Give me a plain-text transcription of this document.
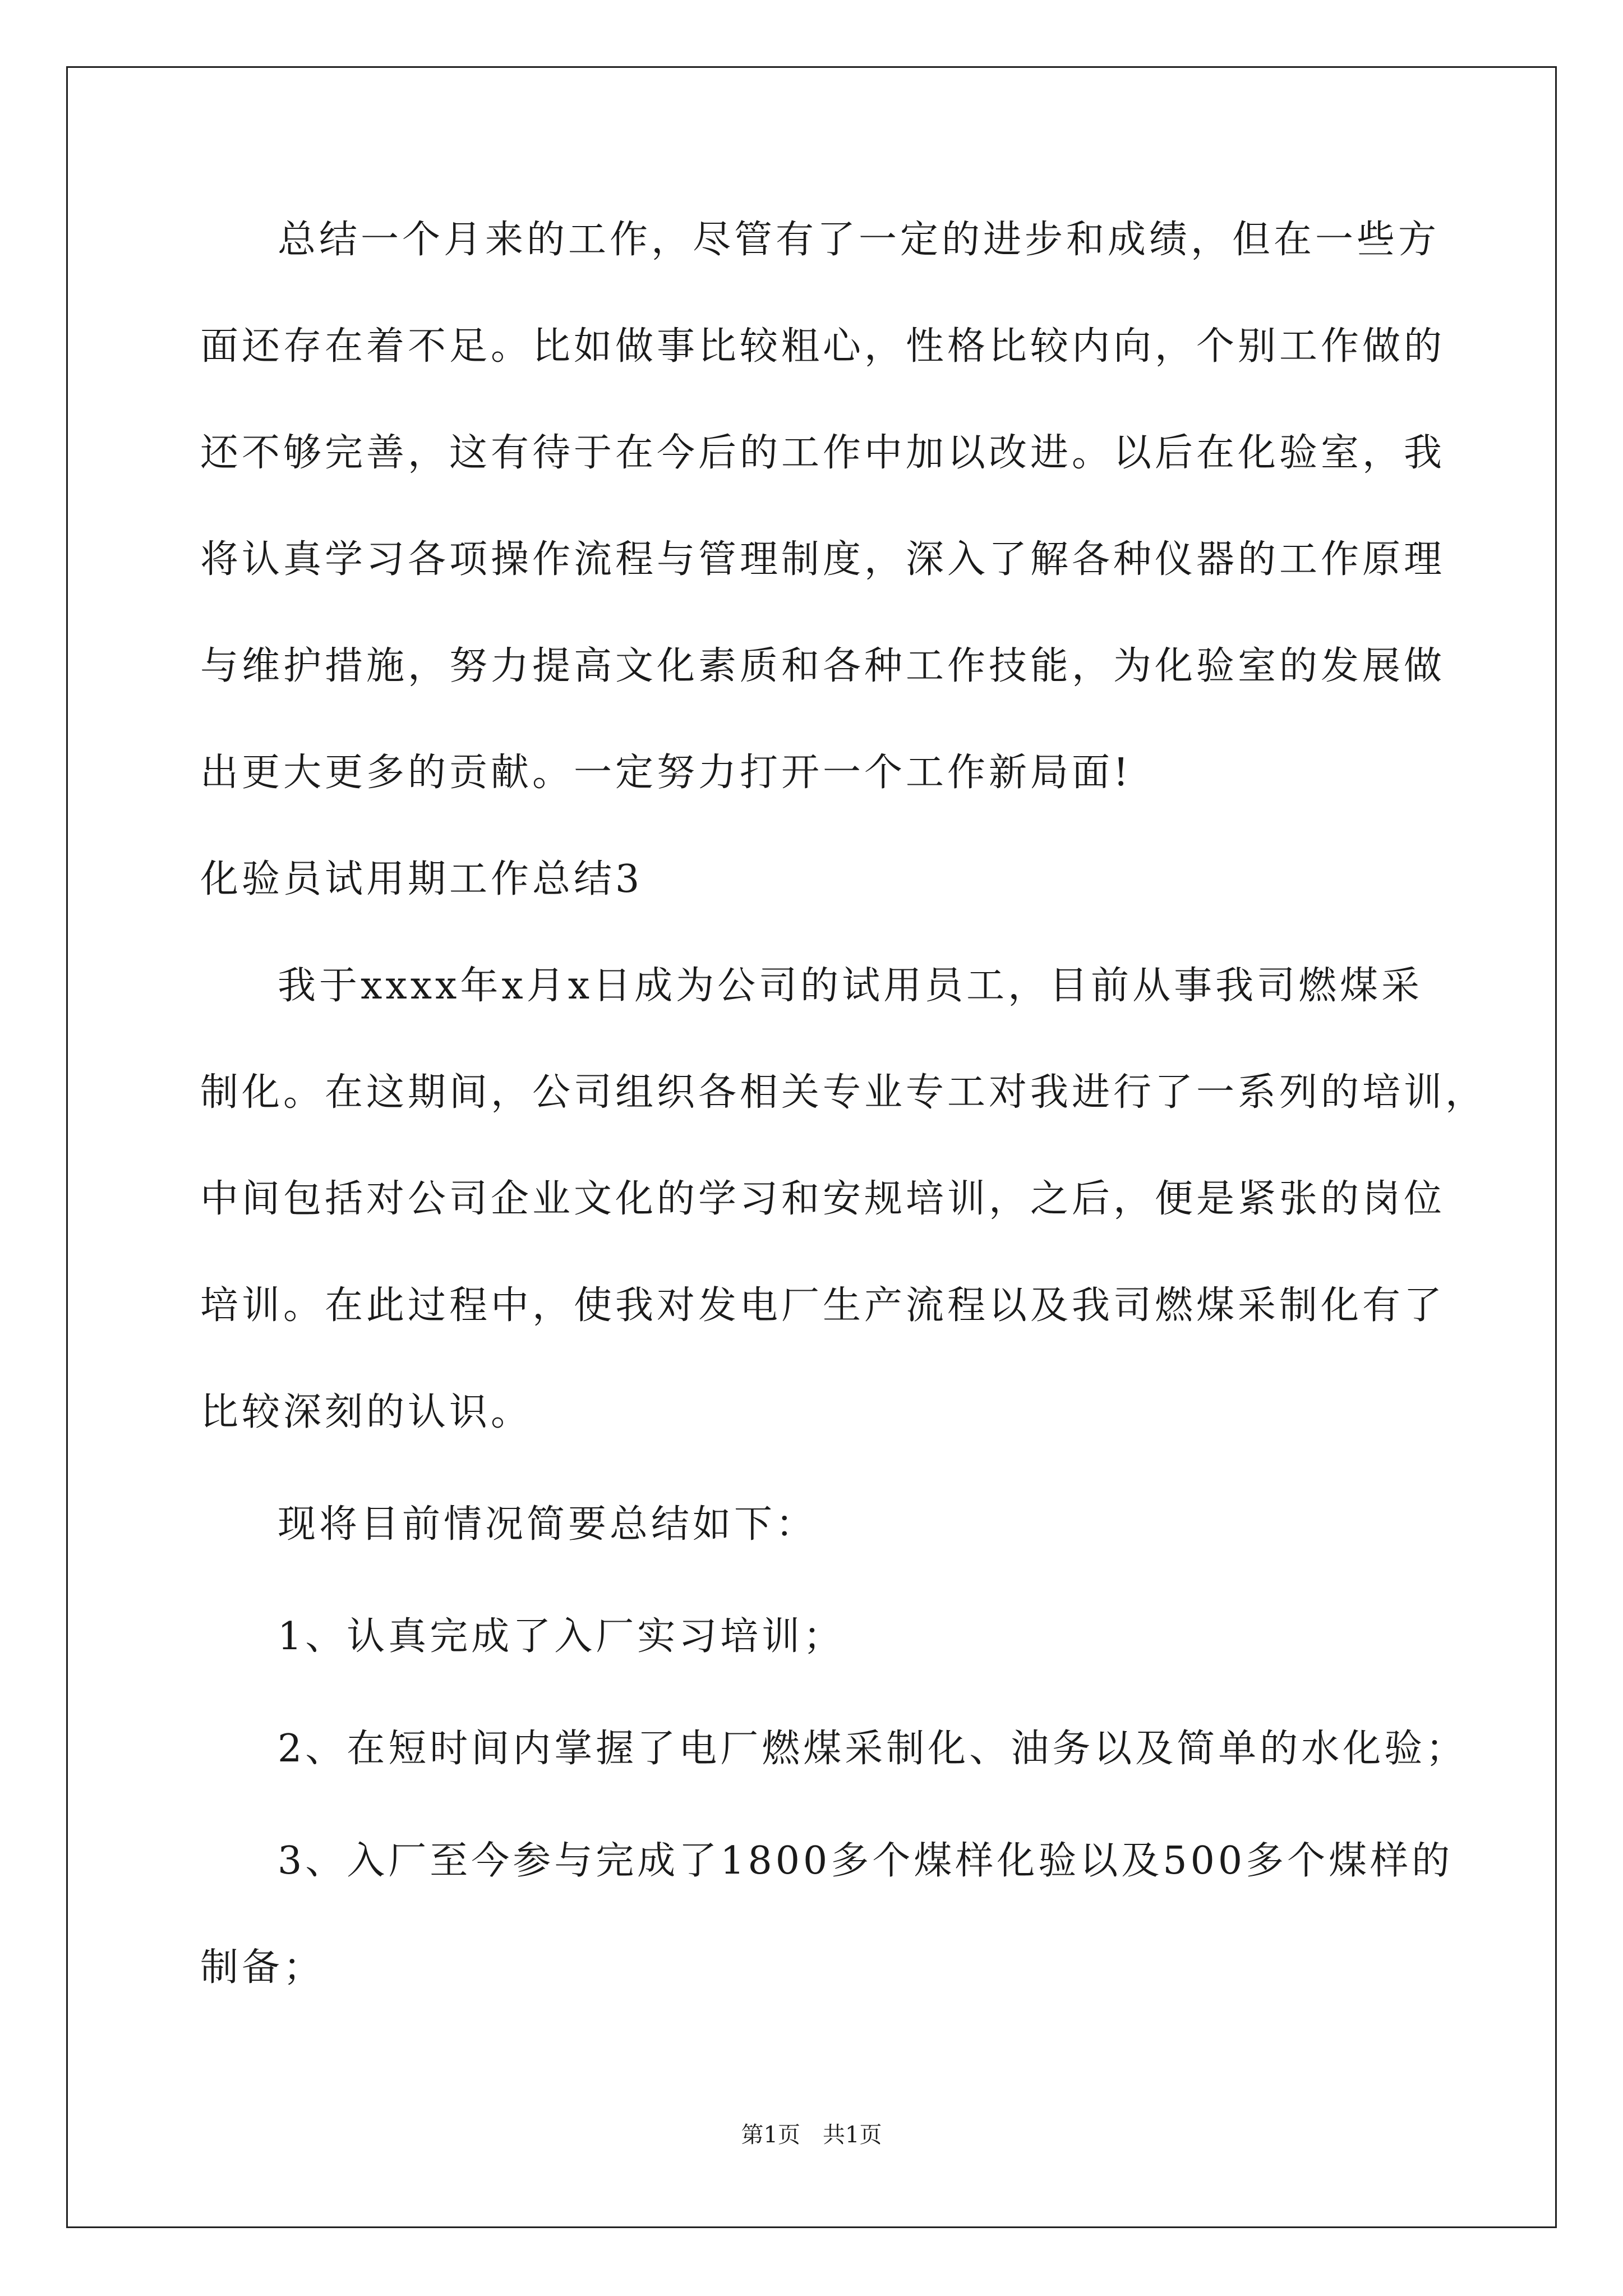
总结一个月来的工作，尽管有了一定的进步和成绩，但在一些方
面还存在着不足。比如做事比较粗心，性格比较内向，个别工作做的
还不够完善，这有待于在今后的工作中加以改进。以后在化验室，我
将认真学习各项操作流程与管理制度，深入了解各种仪器的工作原理
与维护措施，努力提高文化素质和各种工作技能，为化验室的发展做
出更大更多的贡献。一定努力打开一个工作新局面!
化验员试用期工作总结3
我于xxxx年x月x日成为公司的试用员工，目前从事我司燃煤采
制化。在这期间，公司组织各相关专业专工对我进行了一系列的培训，
中间包括对公司企业文化的学习和安规培训，之后，便是紧张的岗位
培训。在此过程中，使我对发电厂生产流程以及我司燃煤采制化有了
比较深刻的认识。
现将目前情况简要总结如下：
1、认真完成了入厂实习培训；
2、在短时间内掌握了电厂燃煤采制化、油务以及简单的水化验；
3、入厂至今参与完成了1800多个煤样化验以及500多个煤样的
制备；
第1页　共1页
